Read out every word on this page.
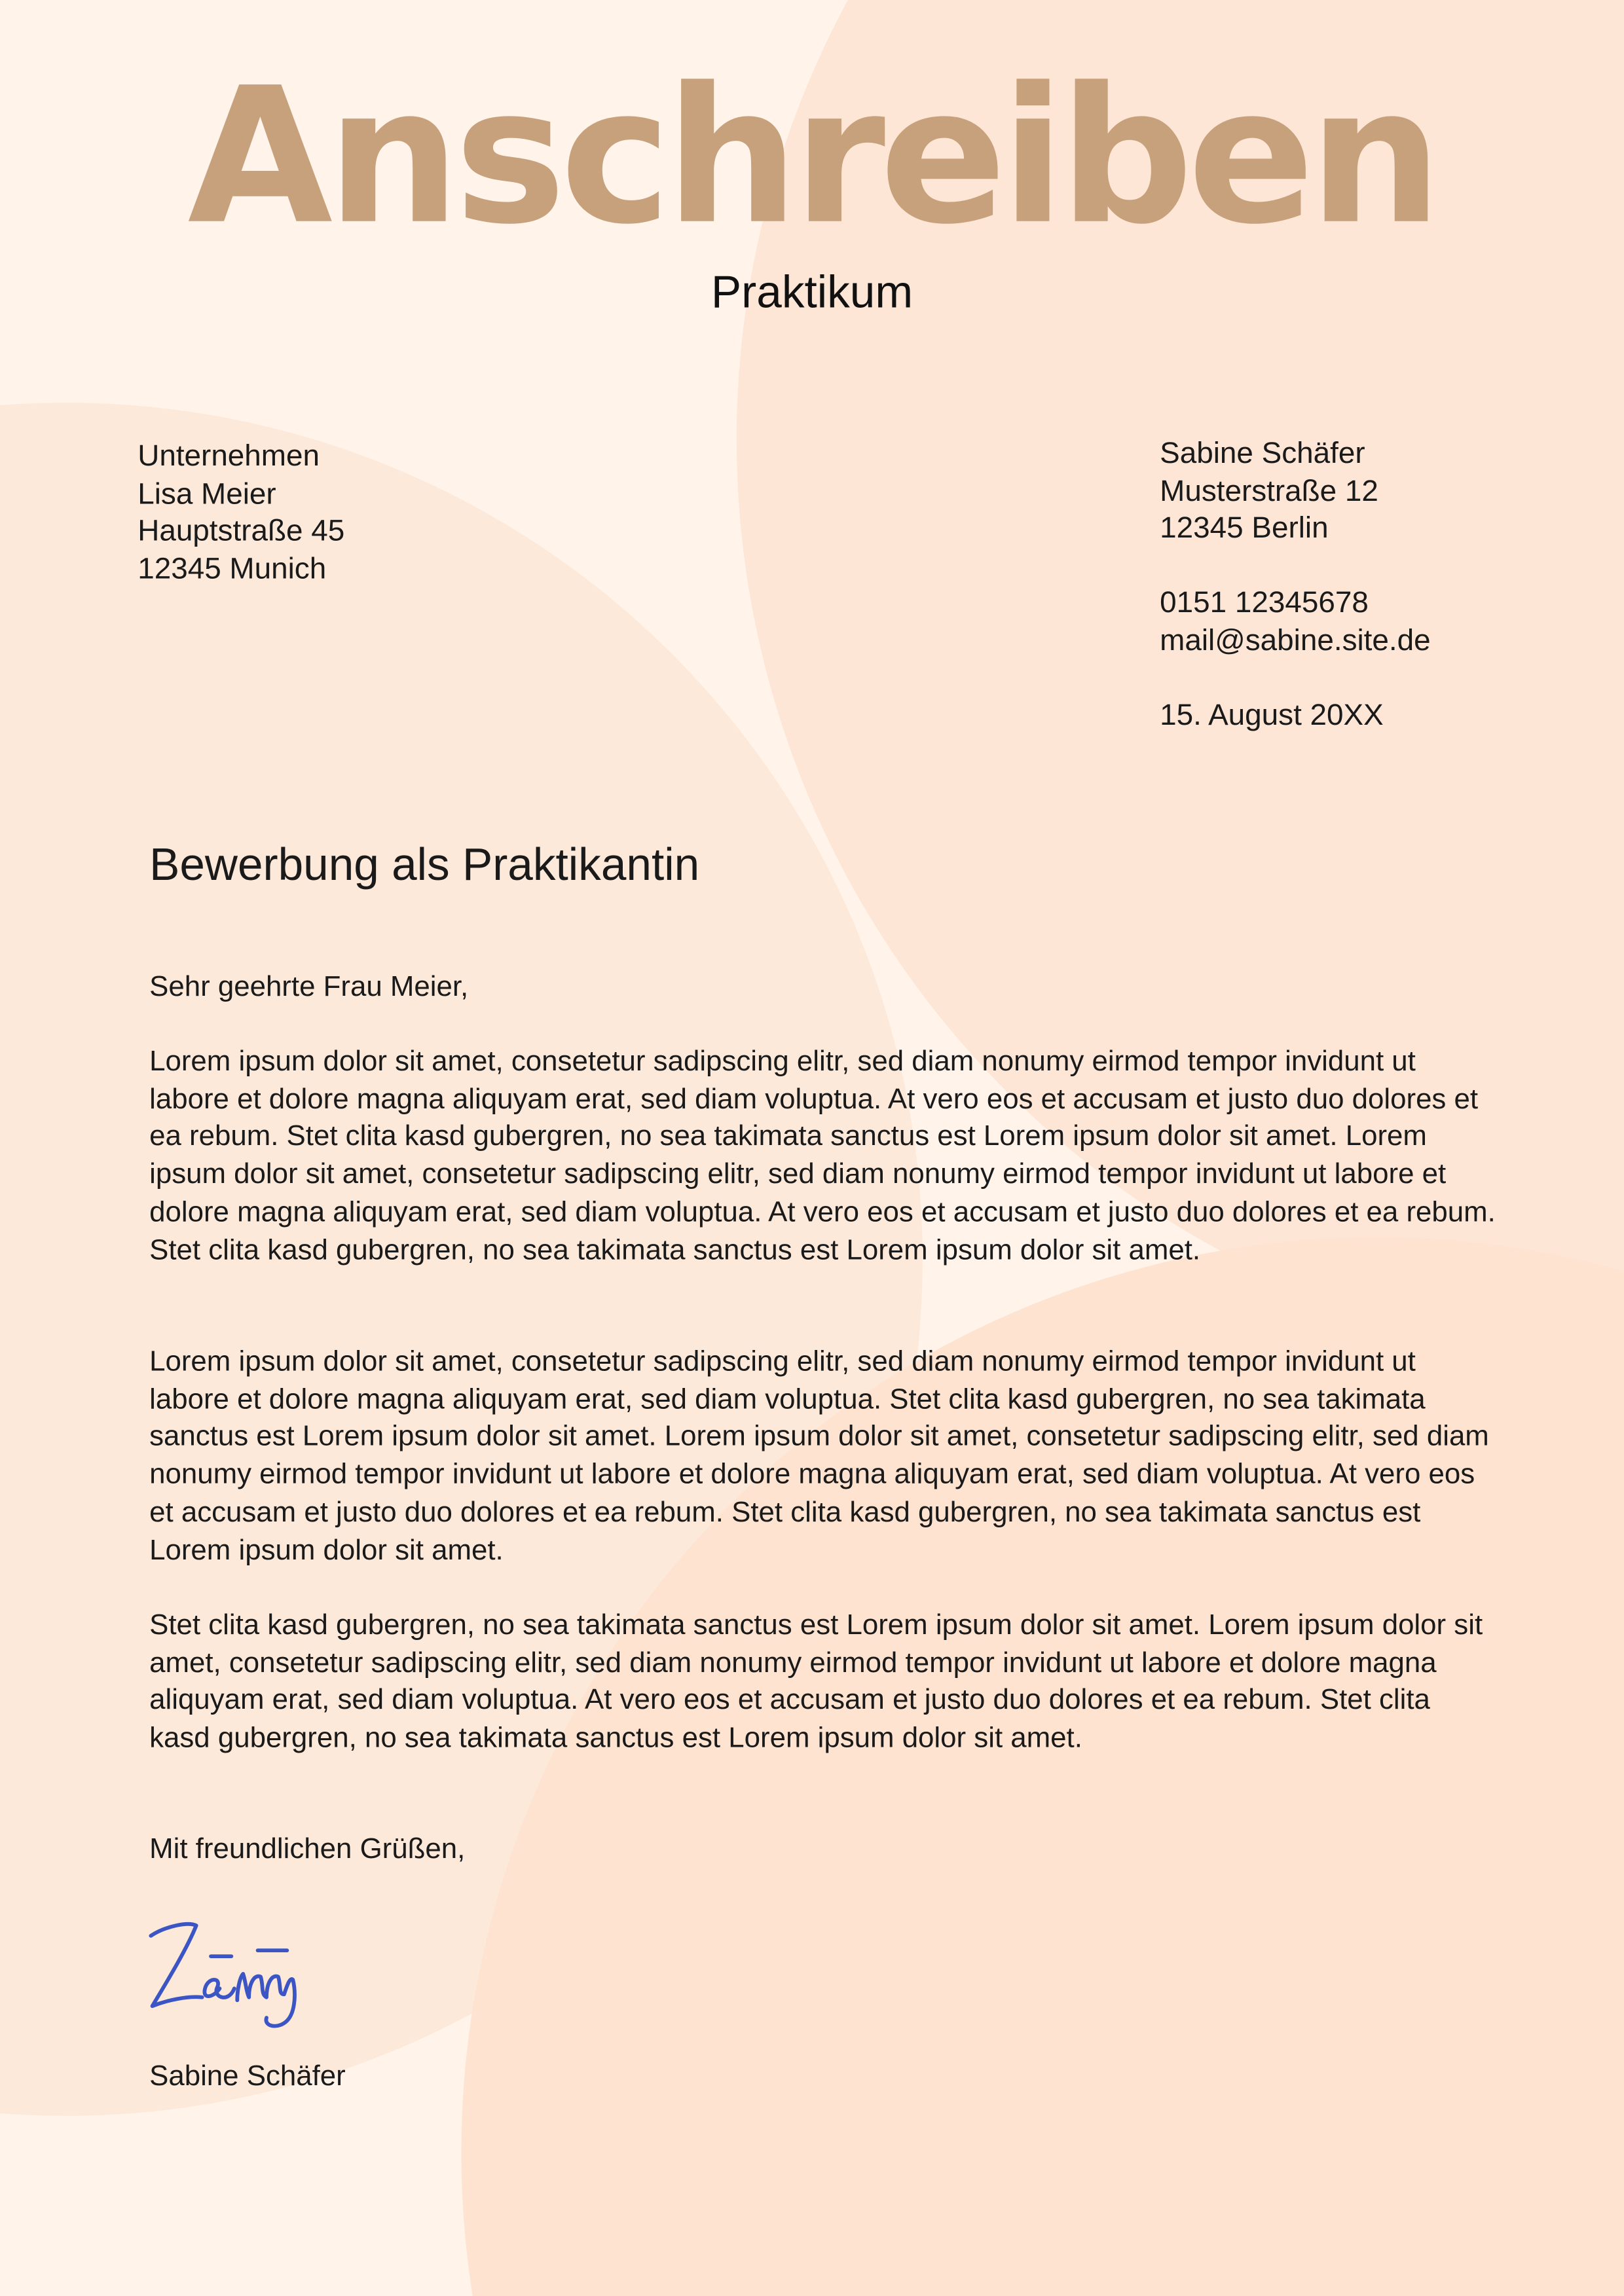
Anschreiben
Praktikum
Unternehmen
Lisa Meier
Hauptstraße 45
12345 Munich
Sabine Schäfer
Musterstraße 12
12345 Berlin
0151 12345678
mail@sabine.site.de
15. August 20XX
Bewerbung als Praktikantin

Sehr geehrte Frau Meier,

Lorem ipsum dolor sit amet, consetetur sadipscing elitr, sed diam nonumy eirmod tempor invidunt ut labore et dolore magna aliquyam erat, sed diam voluptua. At vero eos et accusam et justo duo dolores et ea rebum. Stet clita kasd gubergren, no sea takimata sanctus est Lorem ipsum dolor sit amet. Lorem ipsum dolor sit amet, consetetur sadipscing elitr, sed diam nonumy eirmod tempor invidunt ut labore et dolore magna aliquyam erat, sed diam voluptua. At vero eos et accusam et justo duo dolores et ea rebum. Stet clita kasd gubergren, no sea takimata sanctus est Lorem ipsum dolor sit amet.

Lorem ipsum dolor sit amet, consetetur sadipscing elitr, sed diam nonumy eirmod tempor invidunt ut labore et dolore magna aliquyam erat, sed diam voluptua. Stet clita kasd gubergren, no sea takimata sanctus est Lorem ipsum dolor sit amet. Lorem ipsum dolor sit amet, consetetur sadipscing elitr, sed diam nonumy eirmod tempor invidunt ut labore et dolore magna aliquyam erat, sed diam voluptua. At vero eos et accusam et justo duo dolores et ea rebum. Stet clita kasd gubergren, no sea takimata sanctus est Lorem ipsum dolor sit amet.

Stet clita kasd gubergren, no sea takimata sanctus est Lorem ipsum dolor sit amet. Lorem ipsum dolor sit amet, consetetur sadipscing elitr, sed diam nonumy eirmod tempor invidunt ut labore et dolore magna aliquyam erat, sed diam voluptua. At vero eos et accusam et justo duo dolores et ea rebum. Stet clita kasd gubergren, no sea takimata sanctus est Lorem ipsum dolor sit amet.

Mit freundlichen Grüßen,

Sabine Schäfer
